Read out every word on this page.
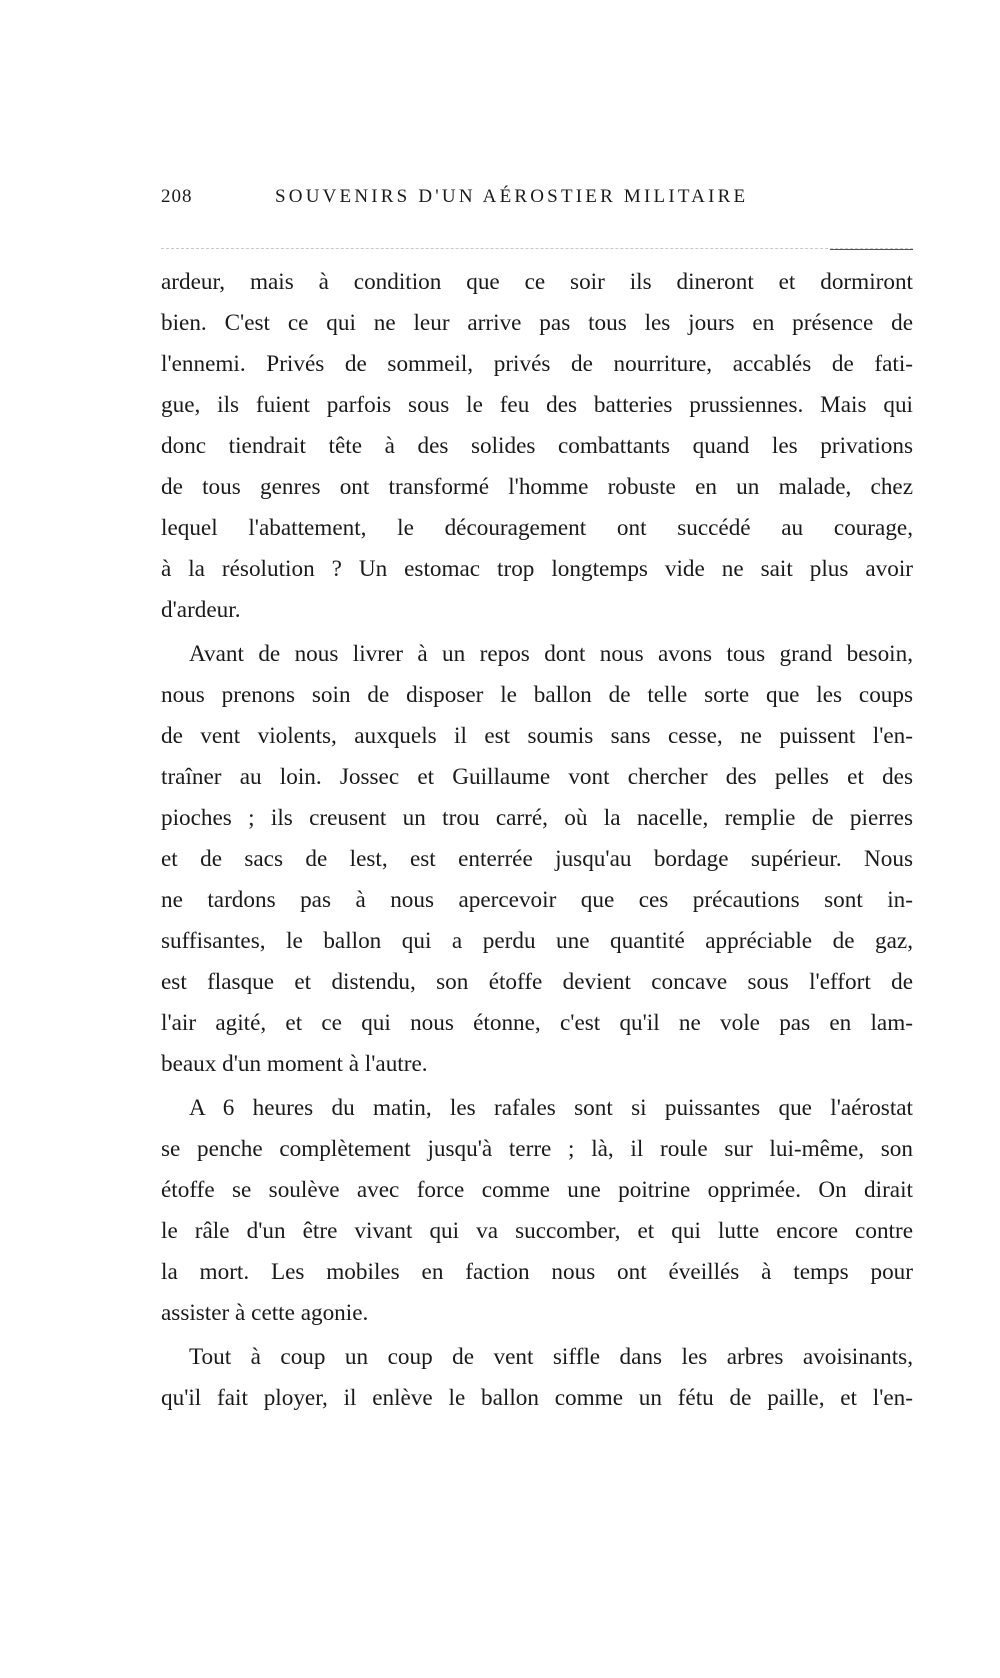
208	SOUVENIRS D'UN AÉROSTIER MILITAIRE
ardeur, mais à condition que ce soir ils dineront et dormiront
bien. C'est ce qui ne leur arrive pas tous les jours en présence de
l'ennemi. Privés de sommeil, privés de nourriture, accablés de fati-
gue, ils fuient parfois sous le feu des batteries prussiennes. Mais qui
donc tiendrait tête à des solides combattants quand les privations
de tous genres ont transformé l'homme robuste en un malade, chez
lequel l'abattement, le découragement ont succédé au courage,
à la résolution ? Un estomac trop longtemps vide ne sait plus avoir
d'ardeur.
Avant de nous livrer à un repos dont nous avons tous grand besoin,
nous prenons soin de disposer le ballon de telle sorte que les coups
de vent violents, auxquels il est soumis sans cesse, ne puissent l'en-
traîner au loin. Jossec et Guillaume vont chercher des pelles et des
pioches ; ils creusent un trou carré, où la nacelle, remplie de pierres
et de sacs de lest, est enterrée jusqu'au bordage supérieur. Nous
ne tardons pas à nous apercevoir que ces précautions sont in-
suffisantes, le ballon qui a perdu une quantité appréciable de gaz,
est flasque et distendu, son étoffe devient concave sous l'effort de
l'air agité, et ce qui nous étonne, c'est qu'il ne vole pas en lam-
beaux d'un moment à l'autre.
A 6 heures du matin, les rafales sont si puissantes que l'aérostat
se penche complètement jusqu'à terre ; là, il roule sur lui-même, son
étoffe se soulève avec force comme une poitrine opprimée. On dirait
le râle d'un être vivant qui va succomber, et qui lutte encore contre
la mort. Les mobiles en faction nous ont éveillés à temps pour
assister à cette agonie.
Tout à coup un coup de vent siffle dans les arbres avoisinants,
qu'il fait ployer, il enlève le ballon comme un fétu de paille, et l'en-
